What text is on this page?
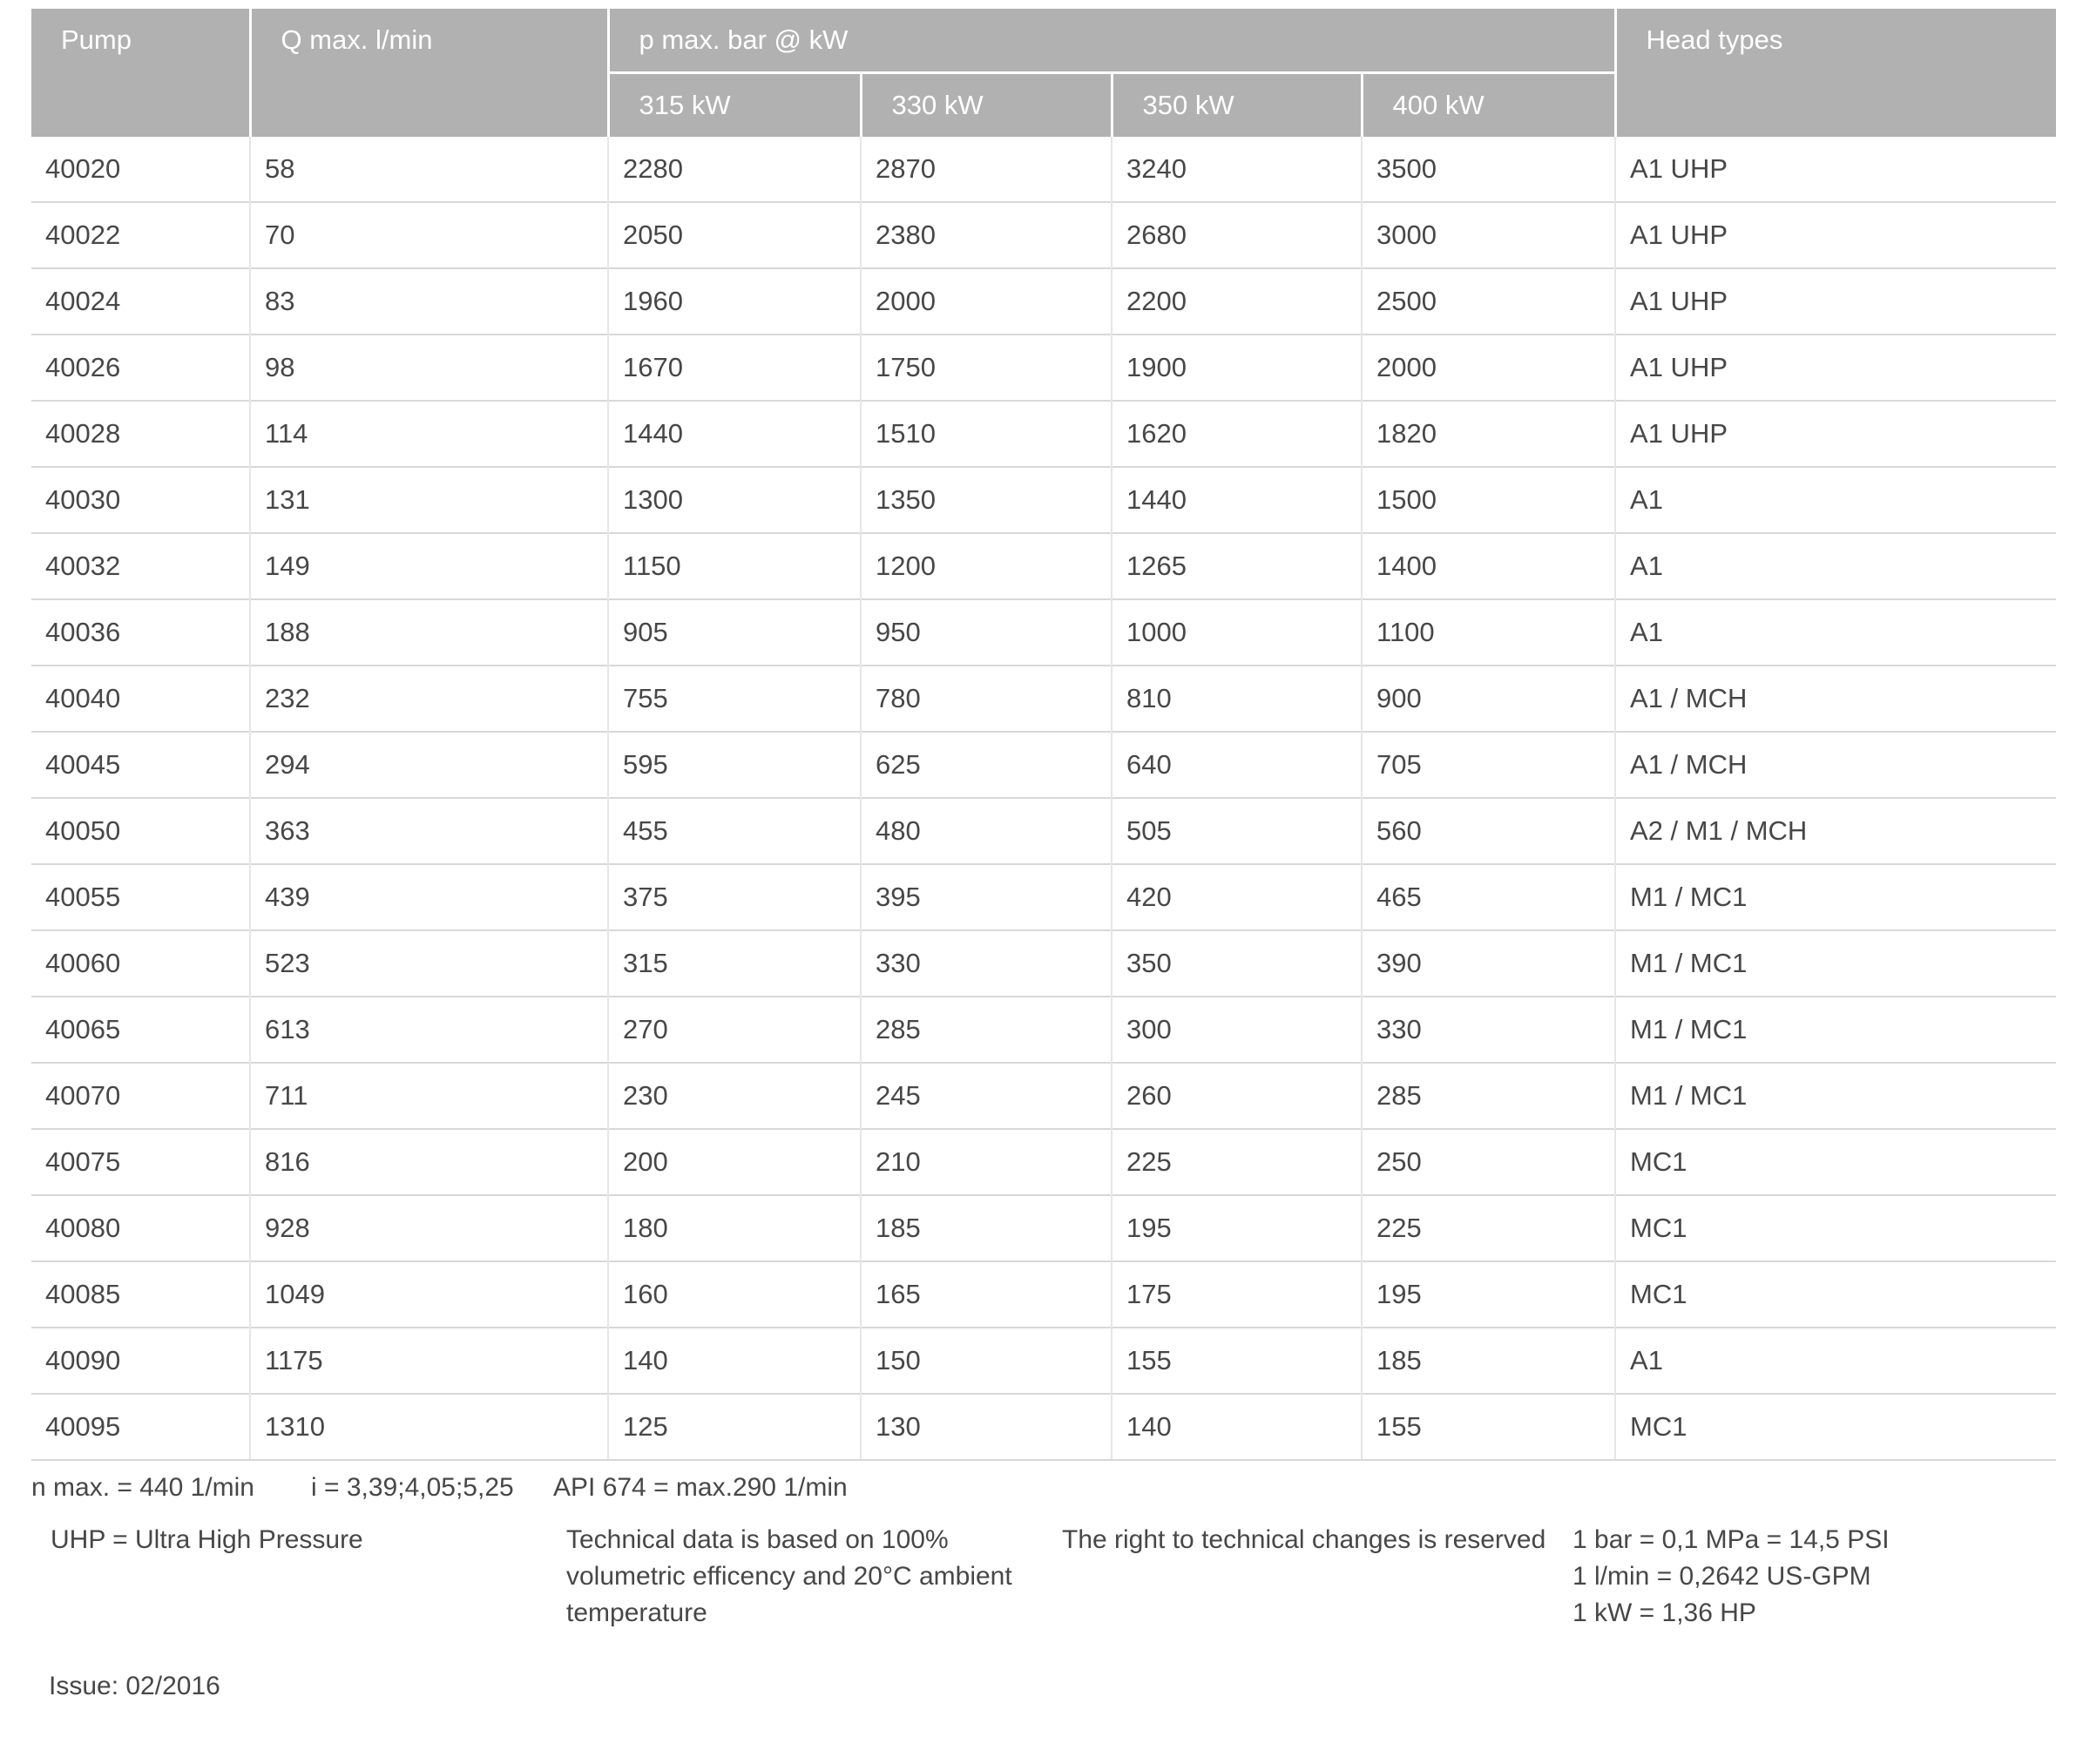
Pump	Q max. l/min	p max. bar @ kW				Head types
		315 kW	330 kW	350 kW	400 kW	
40020	58	2280	2870	3240	3500	A1 UHP
40022	70	2050	2380	2680	3000	A1 UHP
40024	83	1960	2000	2200	2500	A1 UHP
40026	98	1670	1750	1900	2000	A1 UHP
40028	114	1440	1510	1620	1820	A1 UHP
40030	131	1300	1350	1440	1500	A1
40032	149	1150	1200	1265	1400	A1
40036	188	905	950	1000	1100	A1
40040	232	755	780	810	900	A1 / MCH
40045	294	595	625	640	705	A1 / MCH
40050	363	455	480	505	560	A2 / M1 / MCH
40055	439	375	395	420	465	M1 / MC1
40060	523	315	330	350	390	M1 / MC1
40065	613	270	285	300	330	M1 / MC1
40070	711	230	245	260	285	M1 / MC1
40075	816	200	210	225	250	MC1
40080	928	180	185	195	225	MC1
40085	1049	160	165	175	195	MC1
40090	1175	140	150	155	185	A1
40095	1310	125	130	140	155	MC1
n max. = 440 1/min i = 3,39;4,05;5,25 API 674 = max.290 1/min
UHP = Ultra High Pressure	Technical data is based on 100%
volumetric efficency and 20°C ambient
temperature
The right to technical changes is reserved 1 bar = 0,1 MPa = 14,5 PSI
1 l/min = 0,2642 US-GPM
1 kW = 1,36 HP
Issue: 02/2016
